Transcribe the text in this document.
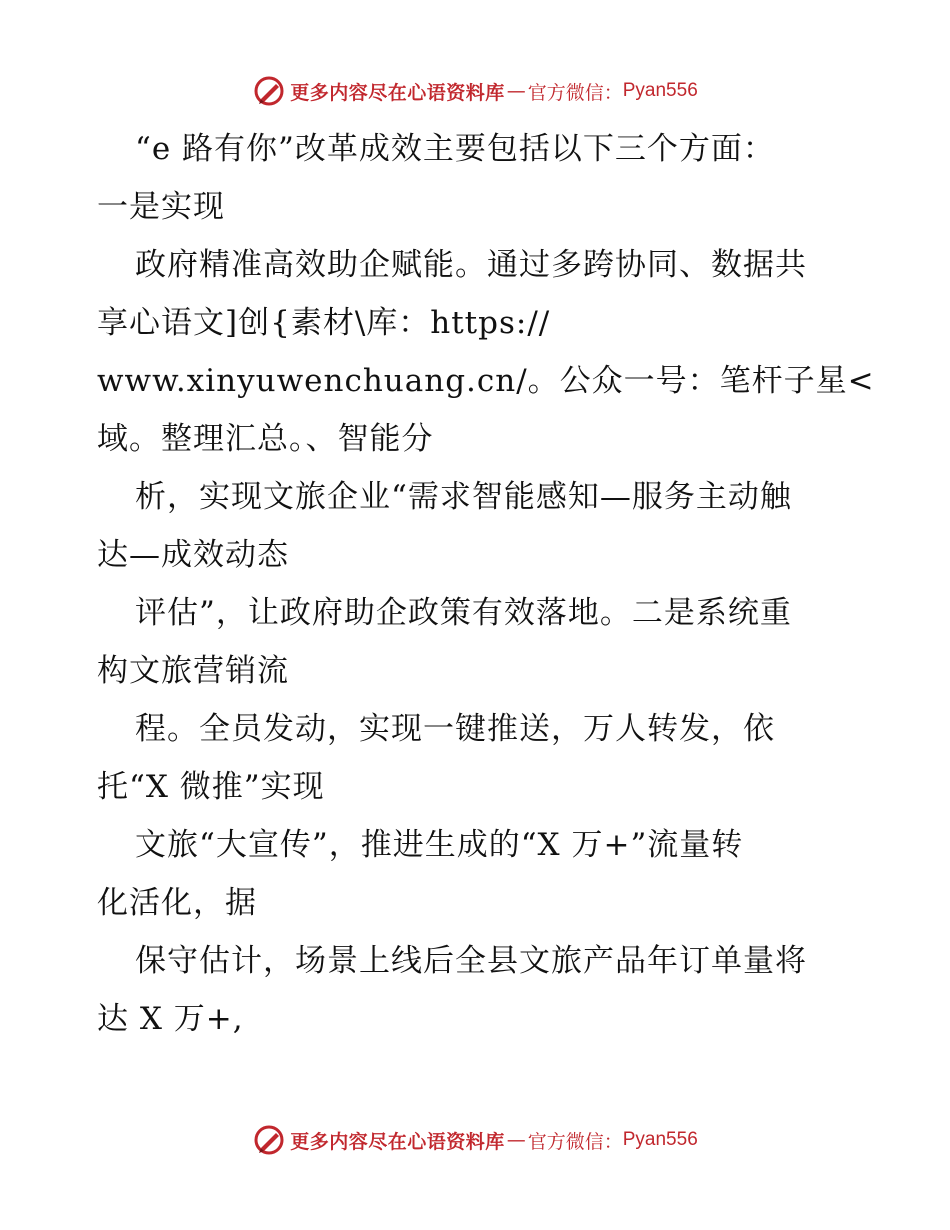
更多内容尽在心语资料库 — 官方微信： Pyan556
“e 路有你”改革成效主要包括以下三个方面：
一是实现
政府精准高效助企赋能。通过多跨协同、数据共
享心语文]创{素材\库：https://
www.xinyuwenchuang.cn/。公众一号：笔杆子星<
域。整理汇总。、智能分
析，实现文旅企业“需求智能感知—服务主动触
达—成效动态
评估”，让政府助企政策有效落地。二是系统重
构文旅营销流
程。全员发动，实现一键推送，万人转发，依
托“X 微推”实现
文旅“大宣传”，推进生成的“X 万+”流量转
化活化，据
保守估计，场景上线后全县文旅产品年订单量将
达 X 万+,
更多内容尽在心语资料库 — 官方微信： Pyan556
